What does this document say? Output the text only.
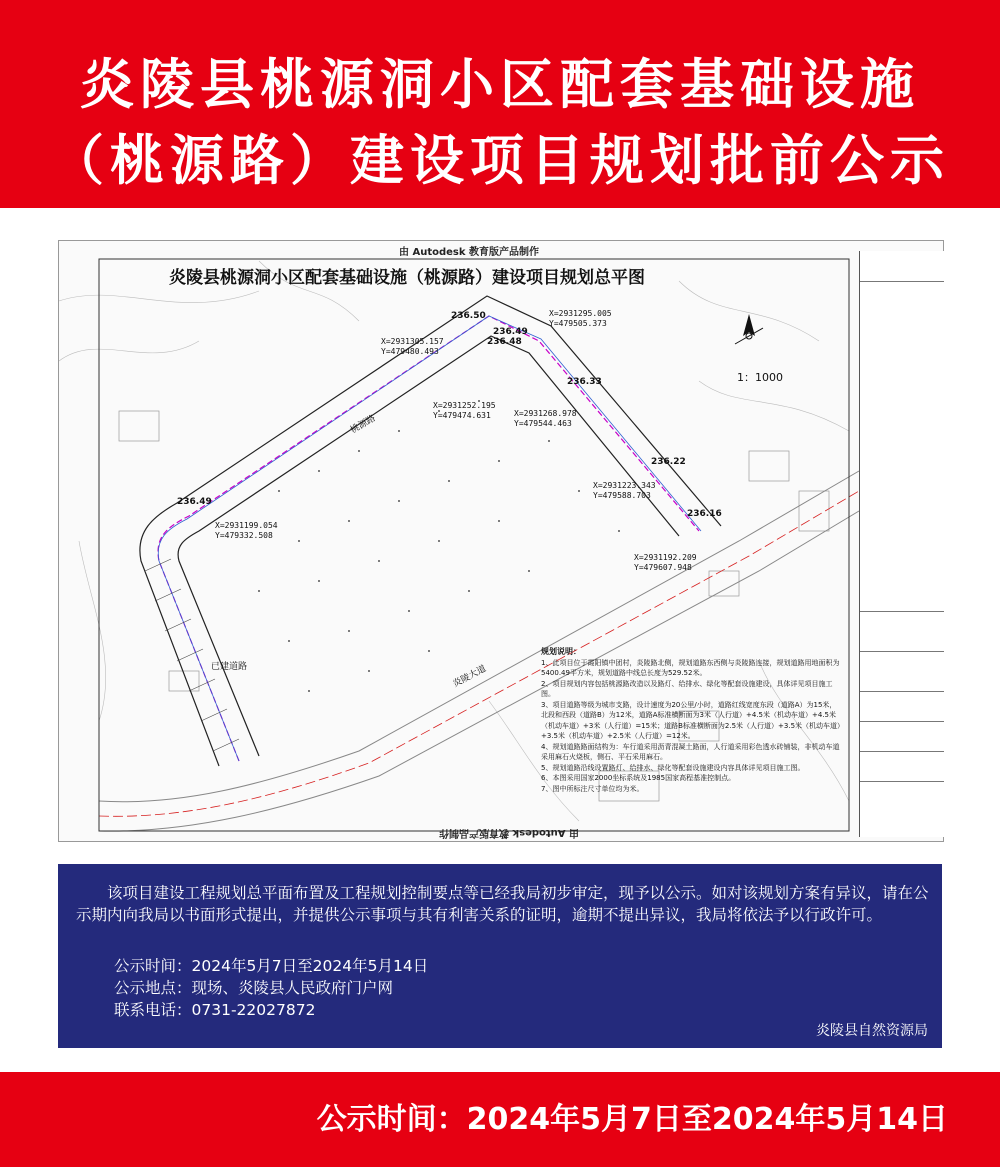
炎陵县桃源洞小区配套基础设施
（桃源路）建设项目规划批前公示
由 Autodesk 教育版产品制作
由 Autodesk 教育版产品制作
炎陵县桃源洞小区配套基础设施（桃源路）建设项目规划总平图
1：1000
X=2931305.157
Y=479480.493
X=2931295.005
Y=479505.373
X=2931252.195
Y=479474.631	X=2931268.978
Y=479544.463
X=2931223.343
Y=479588.703
X=2931199.054
Y=479332.508
X=2931192.209
Y=479607.948
236.50
236.48
236.49
236.33
236.22
236.49
236.16
已建道路	炎陵大道
桃源路
规划说明：
1、此项目位于霞阳镇中团村，炎陵路北侧，规划道路东西侧与炎陵路连接，规划道路用地面积为5400.49平方米，规划道路中线总长度为529.52米。
2、项目规划内容包括桃源路改造以及路灯、给排水、绿化等配套设施建设，具体详见项目施工图。
3、项目道路等级为城市支路，设计速度为20公里/小时，道路红线宽度东段（道路A）为15米，北段和西段（道路B）为12米，道路A标准横断面为3米（人行道）+4.5米（机动车道）+4.5米（机动车道）+3米（人行道）=15米；道路B标准横断面为2.5米（人行道）+3.5米（机动车道）+3.5米（机动车道）+2.5米（人行道）=12米。
4、规划道路路面结构为：车行道采用沥青混凝土路面，人行道采用彩色透水砖铺装，非机动车道采用麻石火烧板，侧石、平石采用麻石。
5、规划道路沿线设置路灯、给排水、绿化等配套设施建设内容具体详见项目施工图。
6、本图采用国家2000坐标系统及1985国家高程基准控制点。
7、图中所标注尺寸单位均为米。
该项目建设工程规划总平面布置及工程规划控制要点等已经我局初步审定，现予以公示。如对该规划方案有异议，请在公示期内向我局以书面形式提出，并提供公示事项与其有利害关系的证明，逾期不提出异议，我局将依法予以行政许可。
公示时间：2024年5月7日至2024年5月14日
公示地点：现场、炎陵县人民政府门户网
联系电话：0731-22027872
炎陵县自然资源局
公示时间：2024年5月7日至2024年5月14日
